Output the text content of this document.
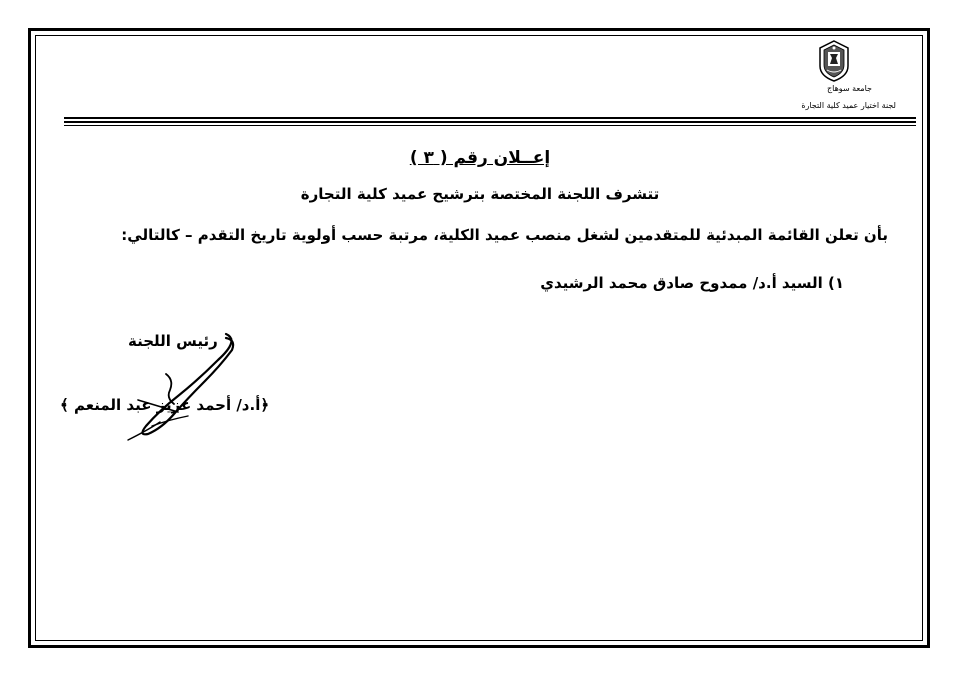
جامعة سوهاج
لجنة اختيار عميد كلية التجارة
إعــلان رقم ( ٣ )
تتشرف اللجنة المختصة بترشيح عميد كلية التجارة
بأن تعلن القائمة المبدئية للمتقدمين لشغل منصب عميد الكلية، مرتبة حسب أولوية تاريخ التقدم – كالتالي:
١) السيد أ.د/ ممدوح صادق محمد الرشيدي
رئيس اللجنة
﴿أ.د/ أحمد عزيز عبد المنعم ﴾
